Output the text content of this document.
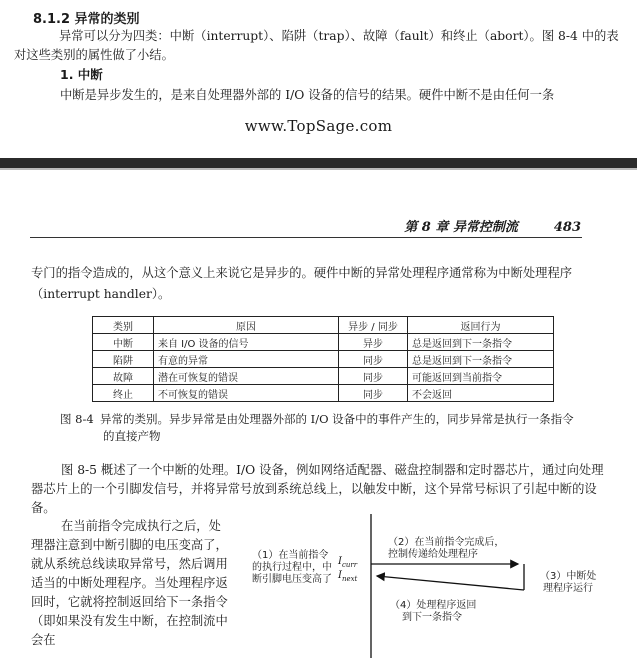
8.1.2 异常的类别
异常可以分为四类：中断（interrupt）、陷阱（trap）、故障（fault）和终止（abort）。图 8-4 中的表对这些类别的属性做了小结。
1. 中断
中断是异步发生的，是来自处理器外部的 I/O 设备的信号的结果。硬件中断不是由任何一条
www.TopSage.com
第 8 章 异常控制流	483
专门的指令造成的，从这个意义上来说它是异步的。硬件中断的异常处理程序通常称为中断处理程序（interrupt handler）。
类别	原因	异步 / 同步	返回行为
中断	来自 I/O 设备的信号	异步	总是返回到下一条指令
陷阱	有意的异常	同步	总是返回到下一条指令
故障	潜在可恢复的错误	同步	可能返回到当前指令
终止	不可恢复的错误	同步	不会返回
图 8-4 异常的类别。异步异常是由处理器外部的 I/O 设备中的事件产生的，同步异常是执行一条指令
的直接产物
图 8-5 概述了一个中断的处理。I/O 设备，例如网络适配器、磁盘控制器和定时器芯片，通过向处理器芯片上的一个引脚发信号，并将异常号放到系统总线上，以触发中断，这个异常号标识了引起中断的设备。
在当前指令完成执行之后，处理器注意到中断引脚的电压变高了，就从系统总线读取异常号，然后调用适当的中断处理程序。当处理程序返回时，它就将控制返回给下一条指令（即如果没有发生中断，在控制流中会在
（1）在当前指令
的执行过程中，中
断引脚电压变高了
$I_{curr}$
$I_{next}$
（2）在当前指令完成后，
控制传递给处理程序
（3）中断处
理程序运行
（4）处理程序返回
到下一条指令
